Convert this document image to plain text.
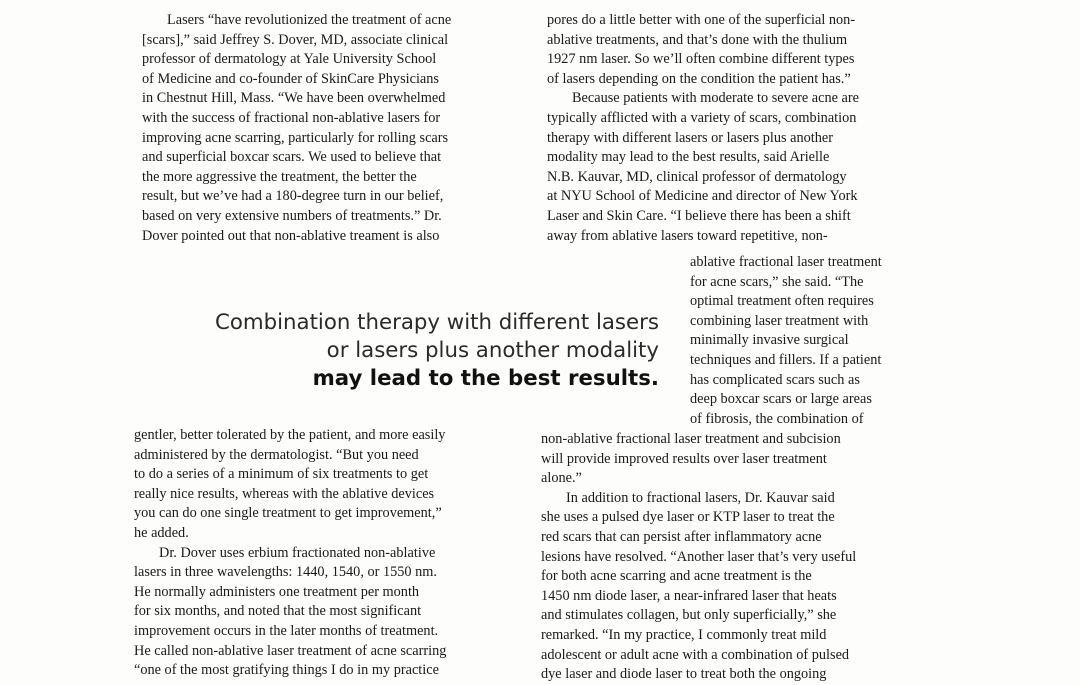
Lasers “have revolutionized the treatment of acne

[scars],” said Jeffrey S. Dover, MD, associate clinical

professor of dermatology at Yale University School

of Medicine and co-founder of SkinCare Physicians

in Chestnut Hill, Mass. “We have been overwhelmed

with the success of fractional non-ablative lasers for

improving acne scarring, particularly for rolling scars

and superficial boxcar scars. We used to believe that

the more aggressive the treatment, the better the

result, but we’ve had a 180-degree turn in our belief,

based on very extensive numbers of treatments.” Dr.

Dover pointed out that non-ablative treament is also

pores do a little better with one of the superficial non-

ablative treatments, and that’s done with the thulium

1927 nm laser. So we’ll often combine different types

of lasers depending on the condition the patient has.”

Because patients with moderate to severe acne are

typically afflicted with a variety of scars, combination

therapy with different lasers or lasers plus another

modality may lead to the best results, said Arielle

N.B. Kauvar, MD, clinical professor of dermatology

at NYU School of Medicine and director of New York

Laser and Skin Care. “I believe there has been a shift

away from ablative lasers toward repetitive, non-

ablative fractional laser treatment

for acne scars,” she said. “The

optimal treatment often requires

combining laser treatment with

minimally invasive surgical

techniques and fillers. If a patient

has complicated scars such as

deep boxcar scars or large areas

of fibrosis, the combination of

Combination therapy with different lasers
or lasers plus another modality
may lead to the best results.

gentler, better tolerated by the patient, and more easily

administered by the dermatologist. “But you need

to do a series of a minimum of six treatments to get

really nice results, whereas with the ablative devices

you can do one single treatment to get improvement,”

he added.

Dr. Dover uses erbium fractionated non-ablative

lasers in three wavelengths: 1440, 1540, or 1550 nm.

He normally administers one treatment per month

for six months, and noted that the most significant

improvement occurs in the later months of treatment.

He called non-ablative laser treatment of acne scarring

“one of the most gratifying things I do in my practice

non-ablative fractional laser treatment and subcision

will provide improved results over laser treatment

alone.”

In addition to fractional lasers, Dr. Kauvar said

she uses a pulsed dye laser or KTP laser to treat the

red scars that can persist after inflammatory acne

lesions have resolved. “Another laser that’s very useful

for both acne scarring and acne treatment is the

1450 nm diode laser, a near-infrared laser that heats

and stimulates collagen, but only superficially,” she

remarked. “In my practice, I commonly treat mild

adolescent or adult acne with a combination of pulsed

dye laser and diode laser to treat both the ongoing
